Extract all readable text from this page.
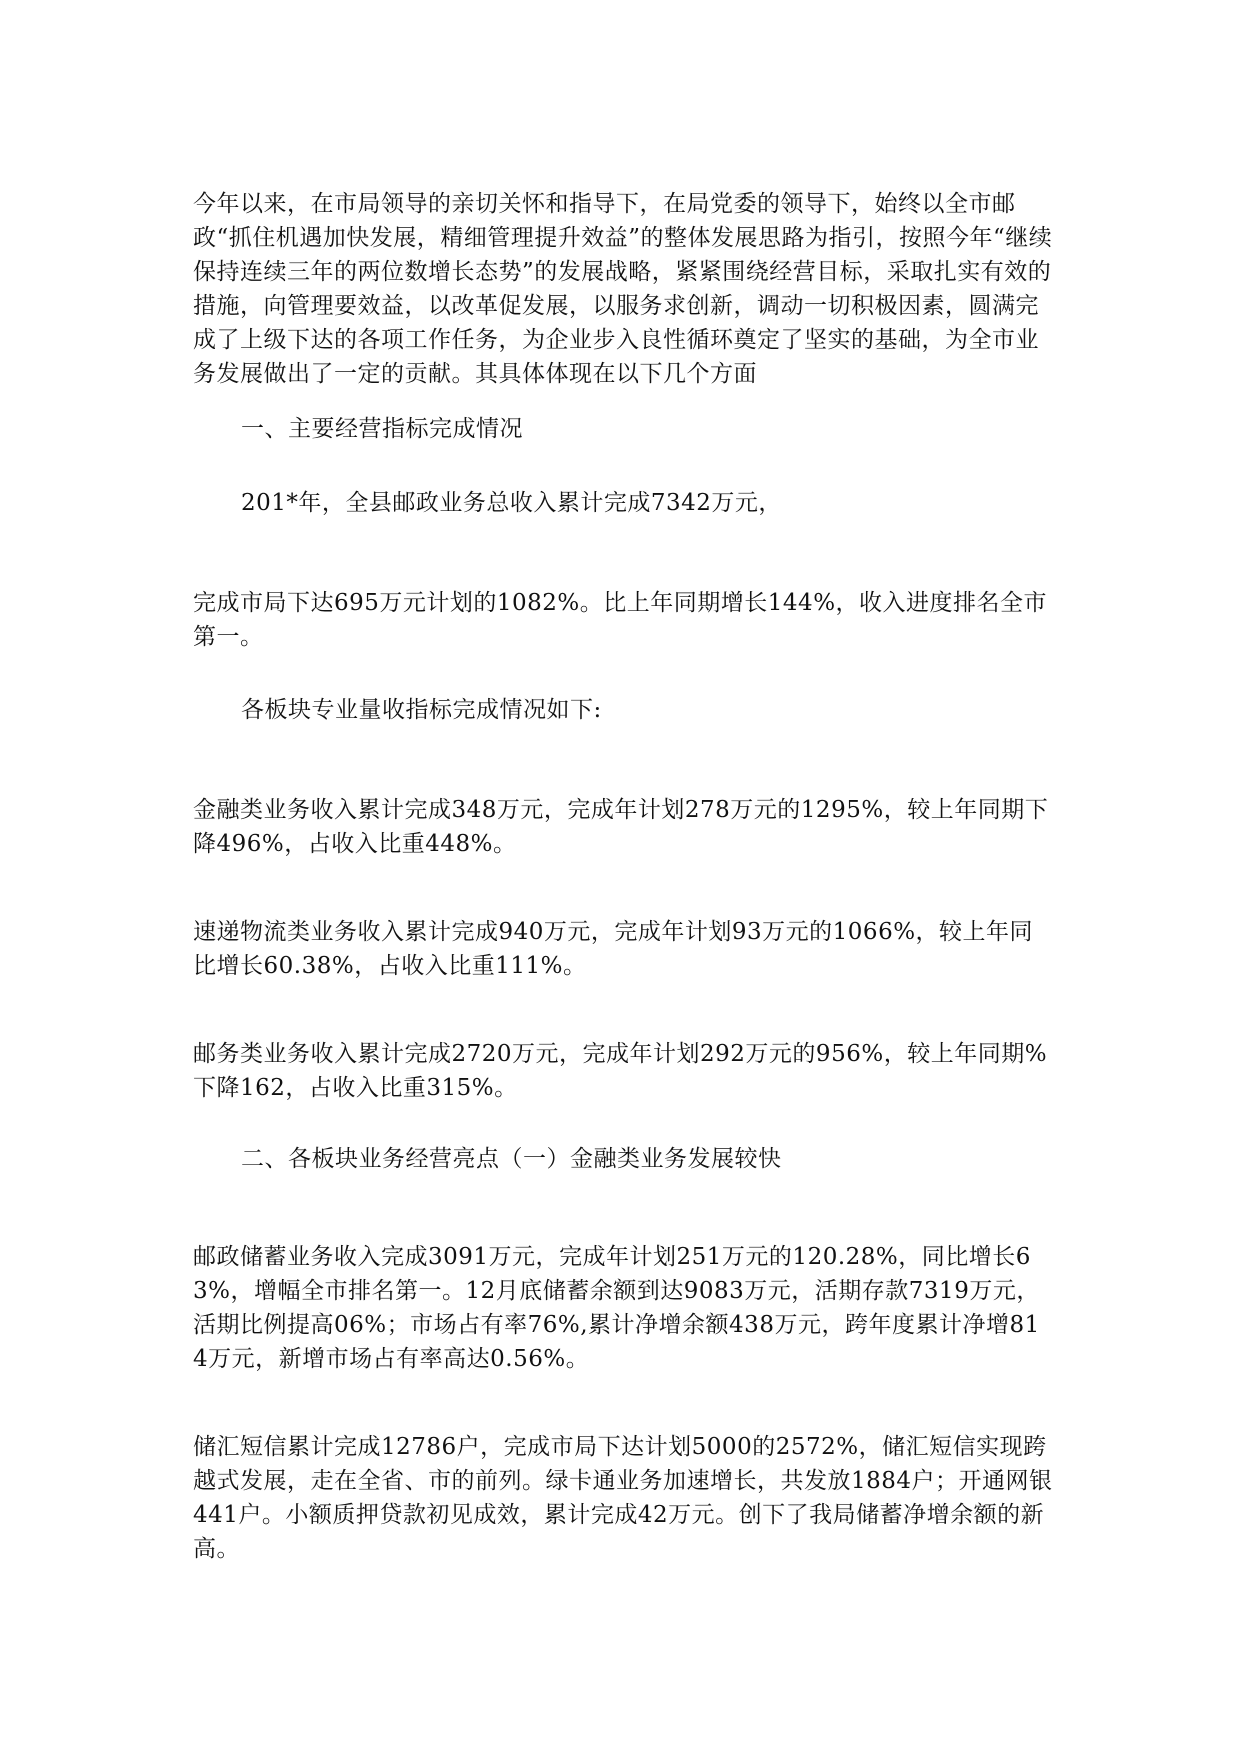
今年以来，在市局领导的亲切关怀和指导下，在局党委的领导下，始终以全市邮政“抓住机遇加快发展，精细管理提升效益”的整体发展思路为指引，按照今年“继续保持连续三年的两位数增长态势”的发展战略，紧紧围绕经营目标，采取扎实有效的措施，向管理要效益，以改革促发展，以服务求创新，调动一切积极因素，圆满完成了上级下达的各项工作任务，为企业步入良性循环奠定了坚实的基础，为全市业务发展做出了一定的贡献。其具体体现在以下几个方面

一、主要经营指标完成情况

201*年，全县邮政业务总收入累计完成7342万元，

完成市局下达695万元计划的1082%。比上年同期增长144%，收入进度排名全市第一。

各板块专业量收指标完成情况如下:

金融类业务收入累计完成348万元，完成年计划278万元的1295%，较上年同期下降496%，占收入比重448%。

速递物流类业务收入累计完成940万元，完成年计划93万元的1066%，较上年同比增长60.38%，占收入比重111%。

邮务类业务收入累计完成2720万元，完成年计划292万元的956%，较上年同期%下降162，占收入比重315%。

二、各板块业务经营亮点（一）金融类业务发展较快

邮政储蓄业务收入完成3091万元，完成年计划251万元的120.28%，同比增长63%，增幅全市排名第一。12月底储蓄余额到达9083万元，活期存款7319万元，活期比例提高06%；市场占有率76%,累计净增余额438万元，跨年度累计净增814万元，新增市场占有率高达0.56%。

储汇短信累计完成12786户，完成市局下达计划5000的2572%，储汇短信实现跨越式发展，走在全省、市的前列。绿卡通业务加速增长，共发放1884户；开通网银441户。小额质押贷款初见成效，累计完成42万元。创下了我局储蓄净增余额的新高。
